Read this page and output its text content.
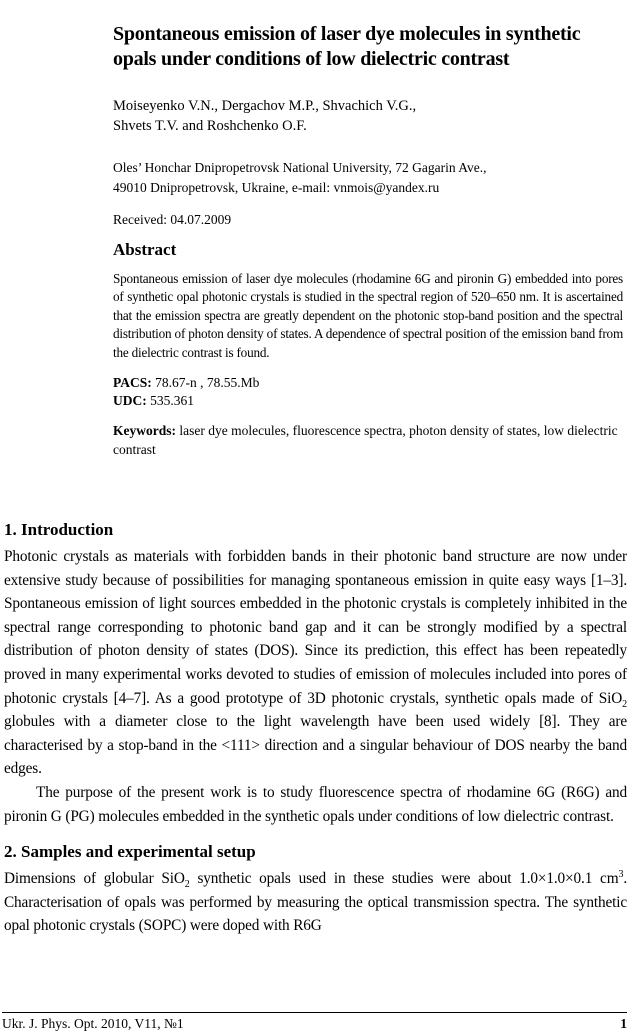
Spontaneous emission of laser dye molecules in synthetic opals under conditions of low dielectric contrast
Moiseyenko V.N., Dergachov M.P., Shvachich V.G.,
Shvets T.V. and Roshchenko O.F.
Oles’ Honchar Dnipropetrovsk National University, 72 Gagarin Ave.,
49010 Dnipropetrovsk, Ukraine, e-mail: vnmois@yandex.ru
Received: 04.07.2009
Abstract
Spontaneous emission of laser dye molecules (rhodamine 6G and pironin G) embedded into pores of synthetic opal photonic crystals is studied in the spectral region of 520–650 nm. It is ascertained that the emission spectra are greatly dependent on the photonic stop-band position and the spectral distribution of photon density of states. A dependence of spectral position of the emission band from the dielectric contrast is found.
PACS: 78.67-n , 78.55.Mb
UDC: 535.361
Keywords: laser dye molecules, fluorescence spectra, photon density of states, low dielectric contrast
1. Introduction

Photonic crystals as materials with forbidden bands in their photonic band structure are now under extensive study because of possibilities for managing spontaneous emission in quite easy ways [1–3]. Spontaneous emission of light sources embedded in the photonic crystals is completely inhibited in the spectral range corresponding to photonic band gap and it can be strongly modified by a spectral distribution of photon density of states (DOS). Since its prediction, this effect has been repeatedly proved in many experimental works devoted to studies of emission of molecules included into pores of photonic crystals [4–7]. As a good prototype of 3D photonic crystals, synthetic opals made of SiO$_2$ globules with a diameter close to the light wavelength have been used widely [8]. They are characterised by a stop-band in the <111> direction and a singular behaviour of DOS nearby the band edges.

The purpose of the present work is to study fluorescence spectra of rhodamine 6G (R6G) and pironin G (PG) molecules embedded in the synthetic opals under conditions of low dielectric contrast.

2. Samples and experimental setup

Dimensions of globular SiO$_2$ synthetic opals used in these studies were about 1.0×1.0×0.1 $cm^3$. Characterisation of opals was performed by measuring the optical transmission spectra. The synthetic opal photonic crystals (SOPC) were doped with R6G

Ukr. J. Phys. Opt. 2010, V11, №1	1
